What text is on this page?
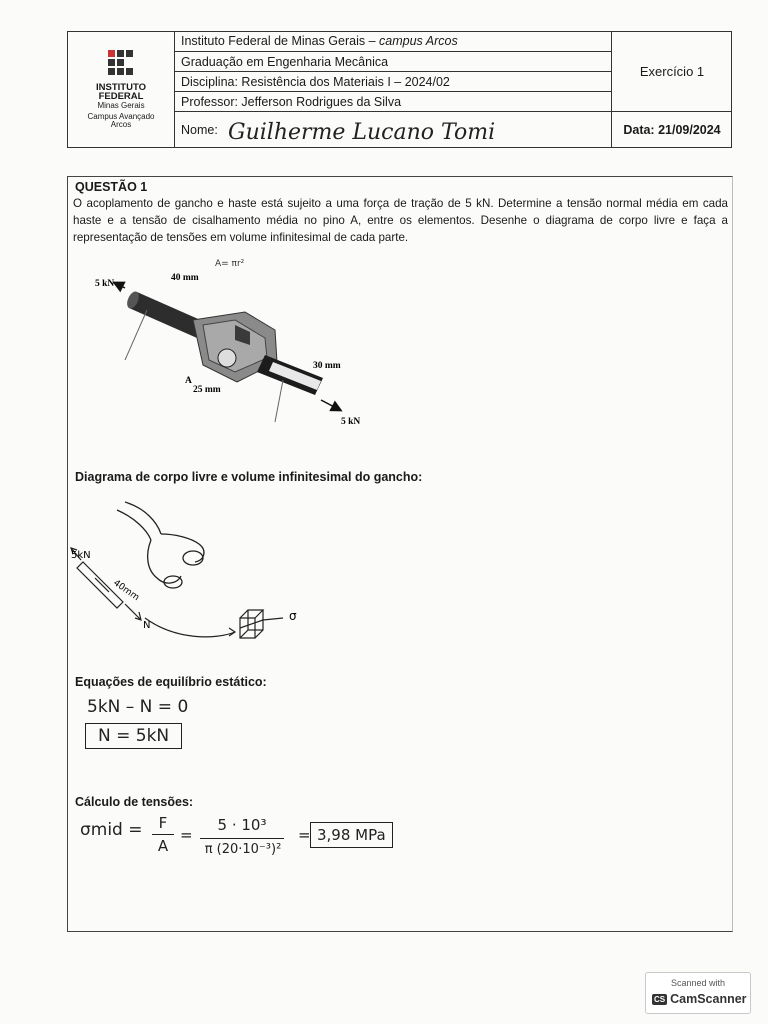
INSTITUTO
FEDERAL
Minas Gerais
Campus Avançado
Arcos
Instituto Federal de Minas Gerais – campus Arcos
Graduação em Engenharia Mecânica
Disciplina: Resistência dos Materiais I – 2024/02
Professor: Jefferson Rodrigues da Silva
Nome: Guilherme Lucano Tomi
Exercício 1
Data: 21/09/2024
QUESTÃO 1
O acoplamento de gancho e haste está sujeito a uma força de tração de 5 kN. Determine a tensão normal média em cada haste e a tensão de cisalhamento média no pino A, entre os elementos. Desenhe o diagrama de corpo livre e faça a representação de tensões em volume infinitesimal de cada parte.
5 kN
40 mm
30 mm
A
25 mm
5 kN
A= πr²
Diagrama de corpo livre e volume infinitesimal do gancho:
5kN
40mm
N
σ
Equações de equilíbrio estático:
5kN – N = 0
N = 5kN
Cálculo de tensões:
σmid =	F
A
=
5 · 10³
π (20·10⁻³)²
= 3,98 MPa
Scanned with
CS CamScanner
